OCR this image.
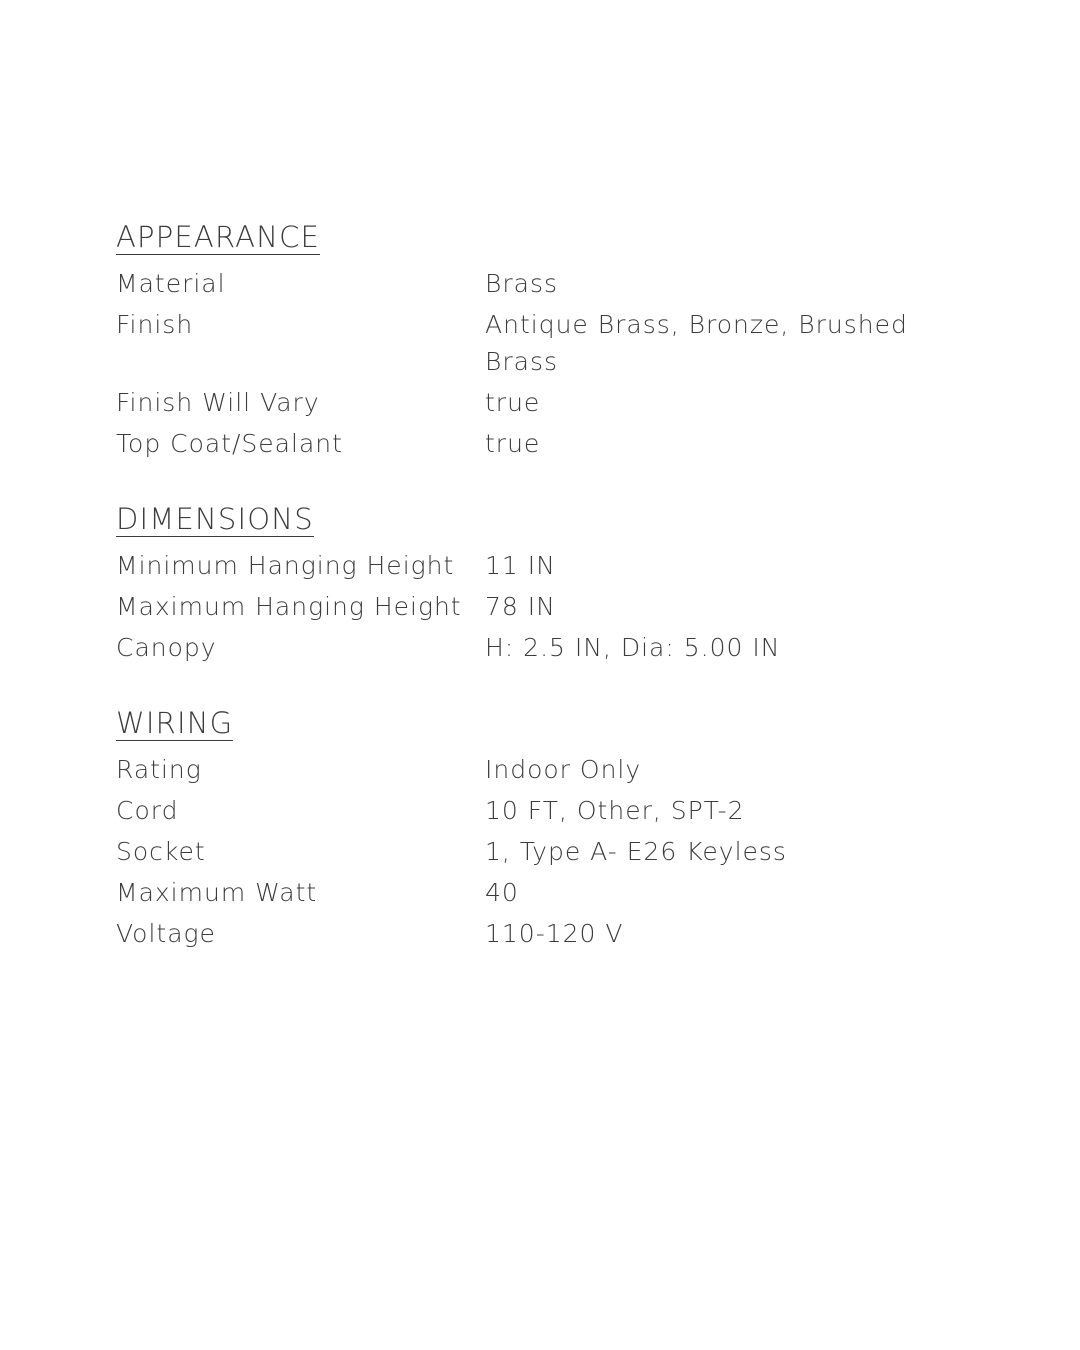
APPEARANCE
Material	Brass
Finish	Antique Brass, Bronze, Brushed Brass
Finish Will Vary	true
Top Coat/Sealant	true
DIMENSIONS
Minimum Hanging Height	11 IN
Maximum Hanging Height 78 IN
Canopy	H: 2.5 IN, Dia: 5.00 IN
WIRING
Rating	Indoor Only
Cord	10 FT, Other, SPT-2
Socket	1, Type A- E26 Keyless
Maximum Watt	40
Voltage	110-120 V
